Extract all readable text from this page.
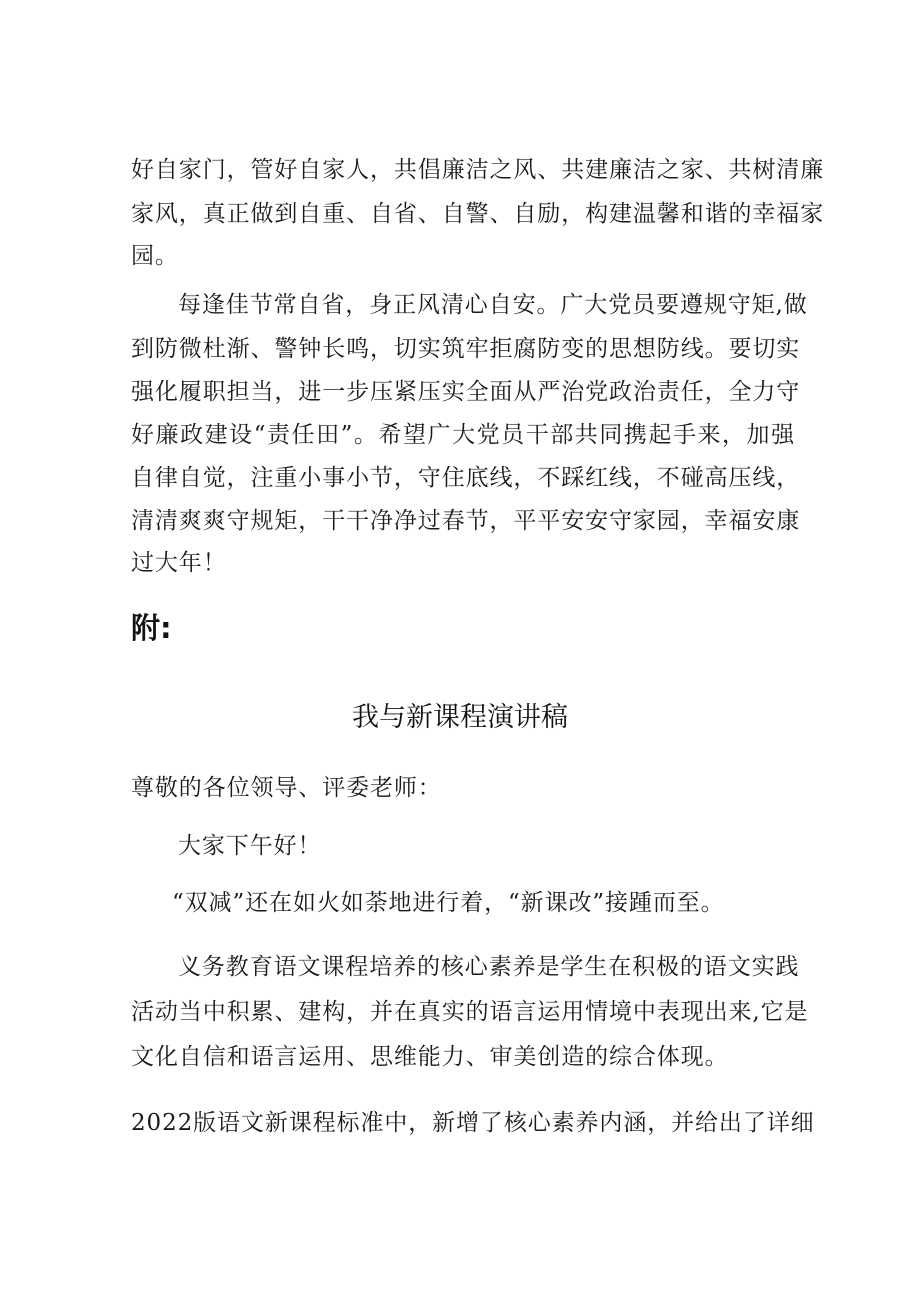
好自家门，管好自家人，共倡廉洁之风、共建廉洁之家、共树清廉
家风，真正做到自重、自省、自警、自励，构建温馨和谐的幸福家
园。
每逢佳节常自省，身正风清心自安。广大党员要遵规守矩,做
到防微杜渐、警钟长鸣，切实筑牢拒腐防变的思想防线。要切实
强化履职担当，进一步压紧压实全面从严治党政治责任，全力守
好廉政建设“责任田”。希望广大党员干部共同携起手来，加强
自律自觉，注重小事小节，守住底线，不踩红线，不碰高压线，
清清爽爽守规矩，干干净净过春节，平平安安守家园，幸福安康
过大年！
附:
我与新课程演讲稿
尊敬的各位领导、评委老师：
大家下午好！
“双减”还在如火如荼地进行着，“新课改”接踵而至。
义务教育语文课程培养的核心素养是学生在积极的语文实践
活动当中积累、建构，并在真实的语言运用情境中表现出来,它是
文化自信和语言运用、思维能力、审美创造的综合体现。
2022版语文新课程标准中，新增了核心素养内涵，并给出了详细
